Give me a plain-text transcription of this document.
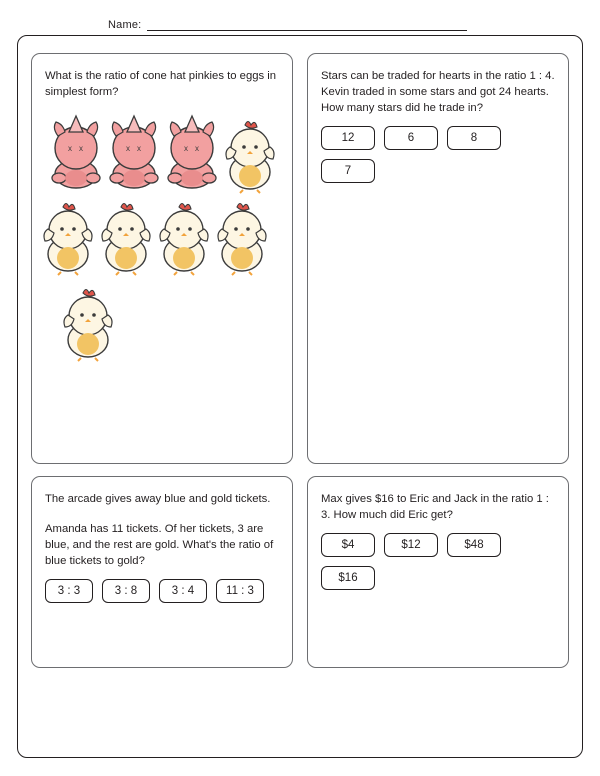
Name:

What is the ratio of cone hat pinkies to eggs in simplest form?

x x	x x	x x

Stars can be traded for hearts in the ratio 1 : 4. Kevin traded in some stars and got 24 hearts. How many stars did he trade in?

12	6	8
7

The arcade gives away blue and gold tickets.

Amanda has 11 tickets. Of her tickets, 3 are blue, and the rest are gold. What's the ratio of blue tickets to gold?

3 : 3	3 : 8	3 : 4	11 : 3

Max gives $16 to Eric and Jack in the ratio 1 : 3. How much did Eric get?

$4	$12	$48
$16
